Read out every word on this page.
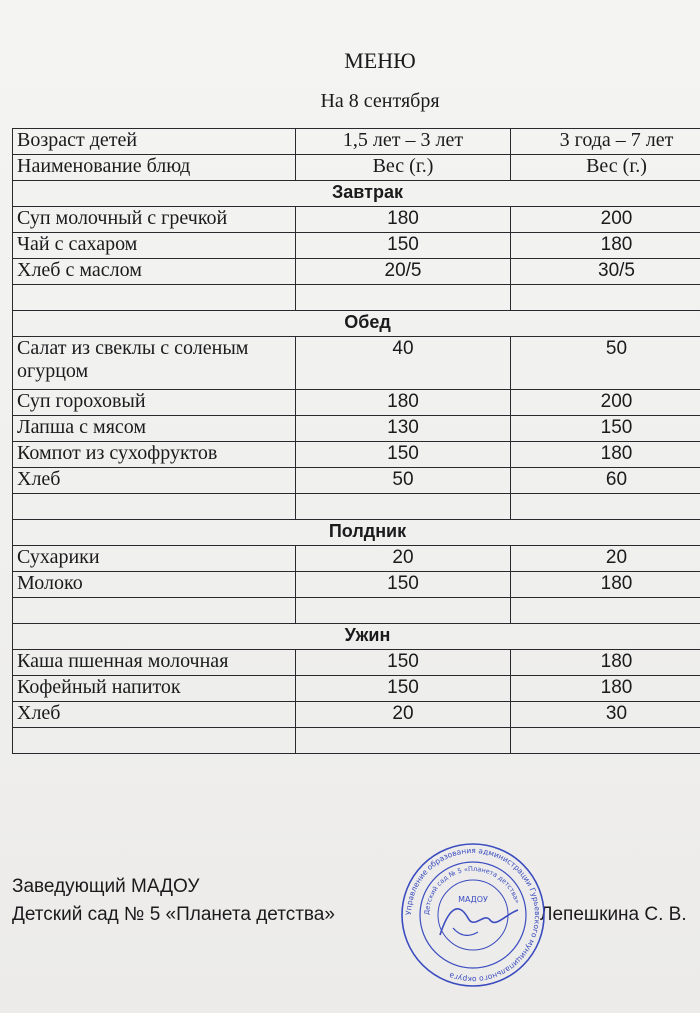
МЕНЮ
На 8 сентября
Возраст детей	1,5 лет – 3 лет	3 года – 7 лет
Наименование блюд	Вес (г.)	Вес (г.)
Завтрак		
Суп молочный с гречкой	180	200
Чай с сахаром	150	180
Хлеб с маслом	20/5	30/5

Обед		
Салат из свеклы с соленым огурцом	40	50
Суп гороховый	180	200
Лапша с мясом	130	150
Компот из сухофруктов	150	180
Хлеб	50	60

Полдник		
Сухарики	20	20
Молоко	150	180

Ужин		
Каша пшенная молочная	150	180
Кофейный напиток	150	180
Хлеб	20	30

Заведующий МАДОУ
Детский сад № 5 «Планета детства»	Лепешкина С. В.
Управление образования администрации Гурьевского муниципального округа
Детский сад № 5 «Планета детства»
МАДОУ
